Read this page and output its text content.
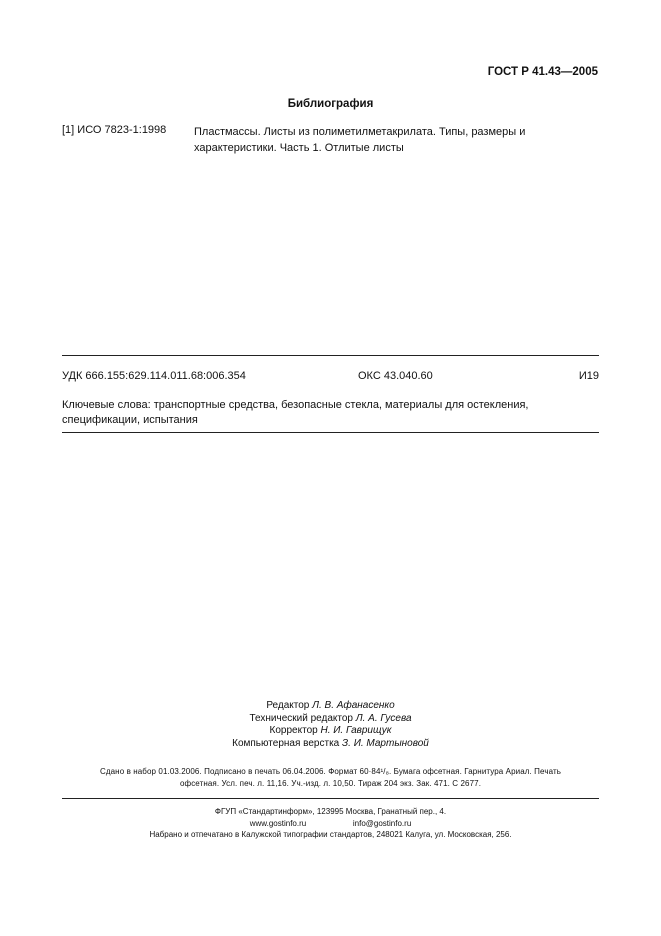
ГОСТ Р 41.43—2005
Библиография
[1] ИСО 7823-1:1998	Пластмассы. Листы из полиметилметакрилата. Типы, размеры и характеристики. Часть 1. Отлитые листы
УДК 666.155:629.114.011.68:006.354	ОКС 43.040.60	И19
Ключевые слова: транспортные средства, безопасные стекла, материалы для остекления, спецификации, испытания
Редактор Л. В. Афанасенко
Технический редактор Л. А. Гусева
Корректор Н. И. Гаврищук
Компьютерная верстка З. И. Мартыновой
Сдано в набор 01.03.2006. Подписано в печать 06.04.2006. Формат 60·84¹/₈. Бумага офсетная. Гарнитура Ариал. Печать
офсетная. Усл. печ. л. 11,16. Уч.-изд. л. 10,50. Тираж 204 экз. Зак. 471. С 2677.
ФГУП «Стандартинформ», 123995 Москва, Гранатный пер., 4.
www.gostinfo.ru	info@gostinfo.ru
Набрано и отпечатано в Калужской типографии стандартов, 248021 Калуга, ул. Московская, 256.
